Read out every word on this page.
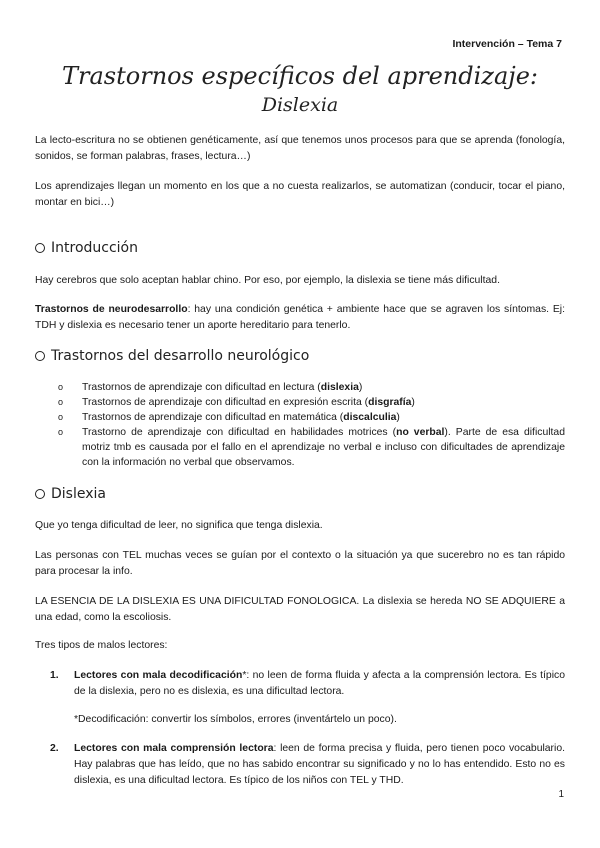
Intervención – Tema 7
Trastornos específicos del aprendizaje:
Dislexia
La lecto-escritura no se obtienen genéticamente, así que tenemos unos procesos para que se aprenda (fonología, sonidos, se forman palabras, frases, lectura…)
Los aprendizajes llegan un momento en los que a no cuesta realizarlos, se automatizan (conducir, tocar el piano, montar en bici…)
Introducción
Hay cerebros que solo aceptan hablar chino. Por eso, por ejemplo, la dislexia se tiene más dificultad.
Trastornos de neurodesarrollo: hay una condición genética + ambiente hace que se agraven los síntomas. Ej: TDH y dislexia es necesario tener un aporte hereditario para tenerlo.
Trastornos del desarrollo neurológico
o Trastornos de aprendizaje con dificultad en lectura (dislexia)
o Trastornos de aprendizaje con dificultad en expresión escrita (disgrafía)
o Trastornos de aprendizaje con dificultad en matemática (discalculia)
o Trastorno de aprendizaje con dificultad en habilidades motrices (no verbal). Parte de esa dificultad motriz tmb es causada por el fallo en el aprendizaje no verbal e incluso con dificultades de aprendizaje con la información no verbal que observamos.
Dislexia
Que yo tenga dificultad de leer, no significa que tenga dislexia.
Las personas con TEL muchas veces se guían por el contexto o la situación ya que sucerebro no es tan rápido para procesar la info.
LA ESENCIA DE LA DISLEXIA ES UNA DIFICULTAD FONOLOGICA. La dislexia se hereda NO SE ADQUIERE a una edad, como la escoliosis.
Tres tipos de malos lectores:
1. Lectores con mala decodificación*: no leen de forma fluida y afecta a la comprensión lectora. Es típico de la dislexia, pero no es dislexia, es una dificultad lectora.
*Decodificación: convertir los símbolos, errores (inventártelo un poco).
2. Lectores con mala comprensión lectora: leen de forma precisa y fluida, pero tienen poco vocabulario. Hay palabras que has leído, que no has sabido encontrar su significado y no lo has entendido. Esto no es dislexia, es una dificultad lectora. Es típico de los niños con TEL y THD.
1
